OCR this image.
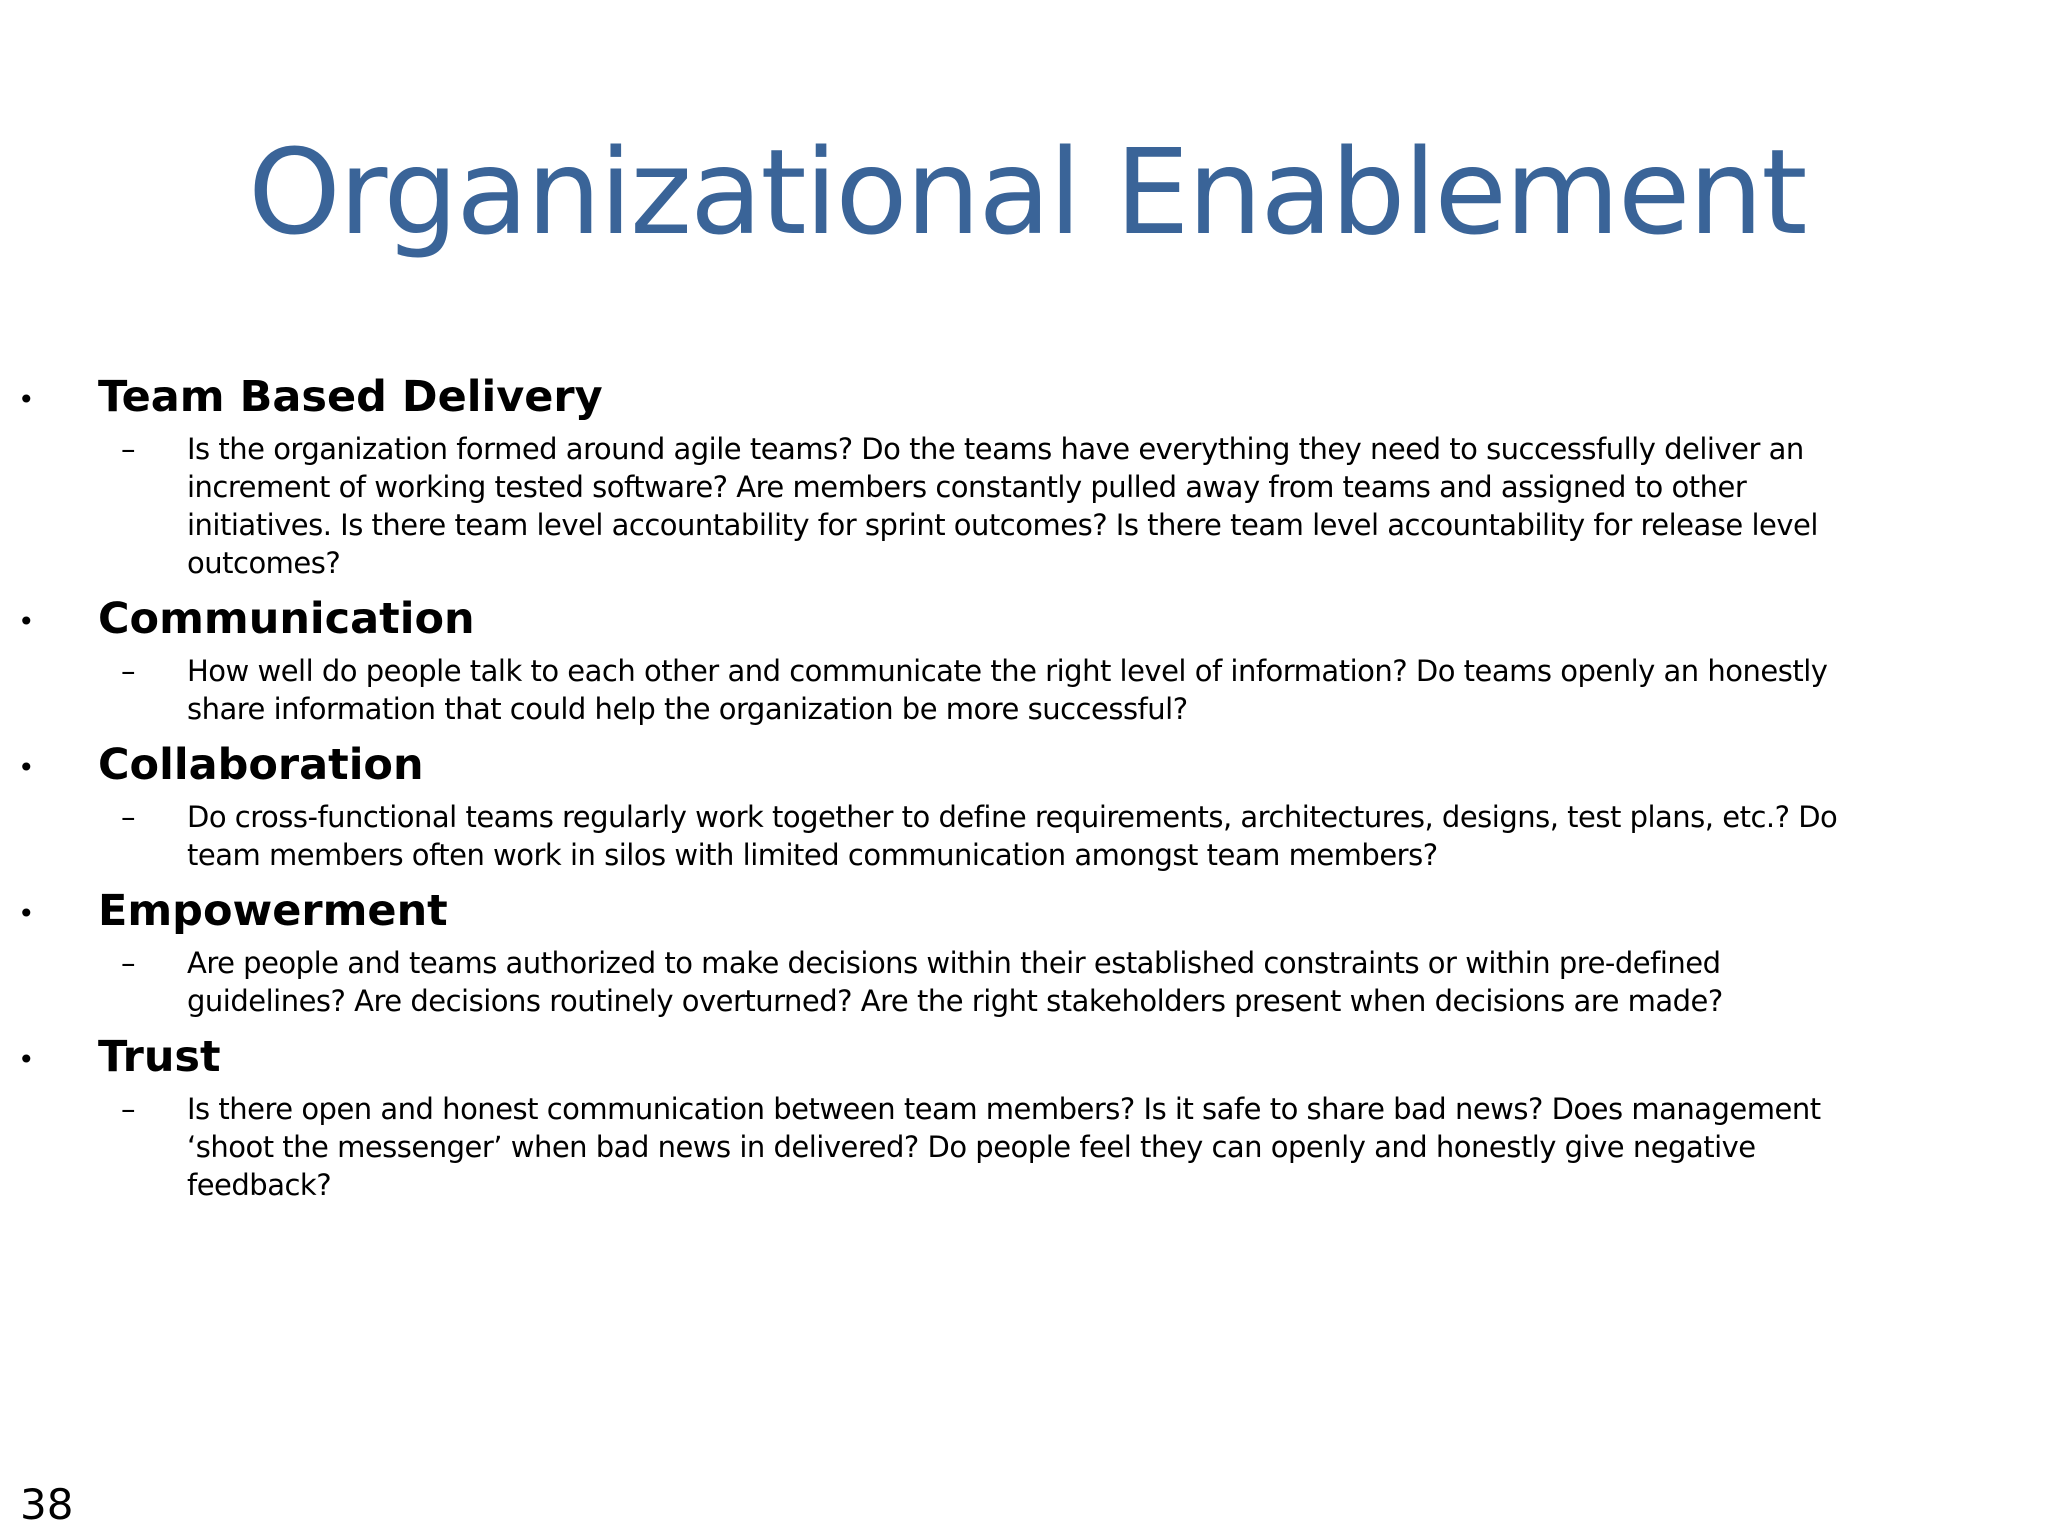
Organizational Enablement
• Team Based Delivery
– Is the organization formed around agile teams? Do the teams have everything they need to successfully deliver an increment of working tested software? Are members constantly pulled away from teams and assigned to other initiatives. Is there team level accountability for sprint outcomes? Is there team level accountability for release level outcomes?

• Communication
– How well do people talk to each other and communicate the right level of information? Do teams openly an honestly share information that could help the organization be more successful?

• Collaboration
– Do cross-functional teams regularly work together to define requirements, architectures, designs, test plans, etc.? Do team members often work in silos with limited communication amongst team members?

• Empowerment
– Are people and teams authorized to make decisions within their established constraints or within pre-defined guidelines? Are decisions routinely overturned? Are the right stakeholders present when decisions are made?

• Trust
– Is there open and honest communication between team members? Is it safe to share bad news? Does management ‘shoot the messenger’ when bad news in delivered? Do people feel they can openly and honestly give negative feedback?

38
